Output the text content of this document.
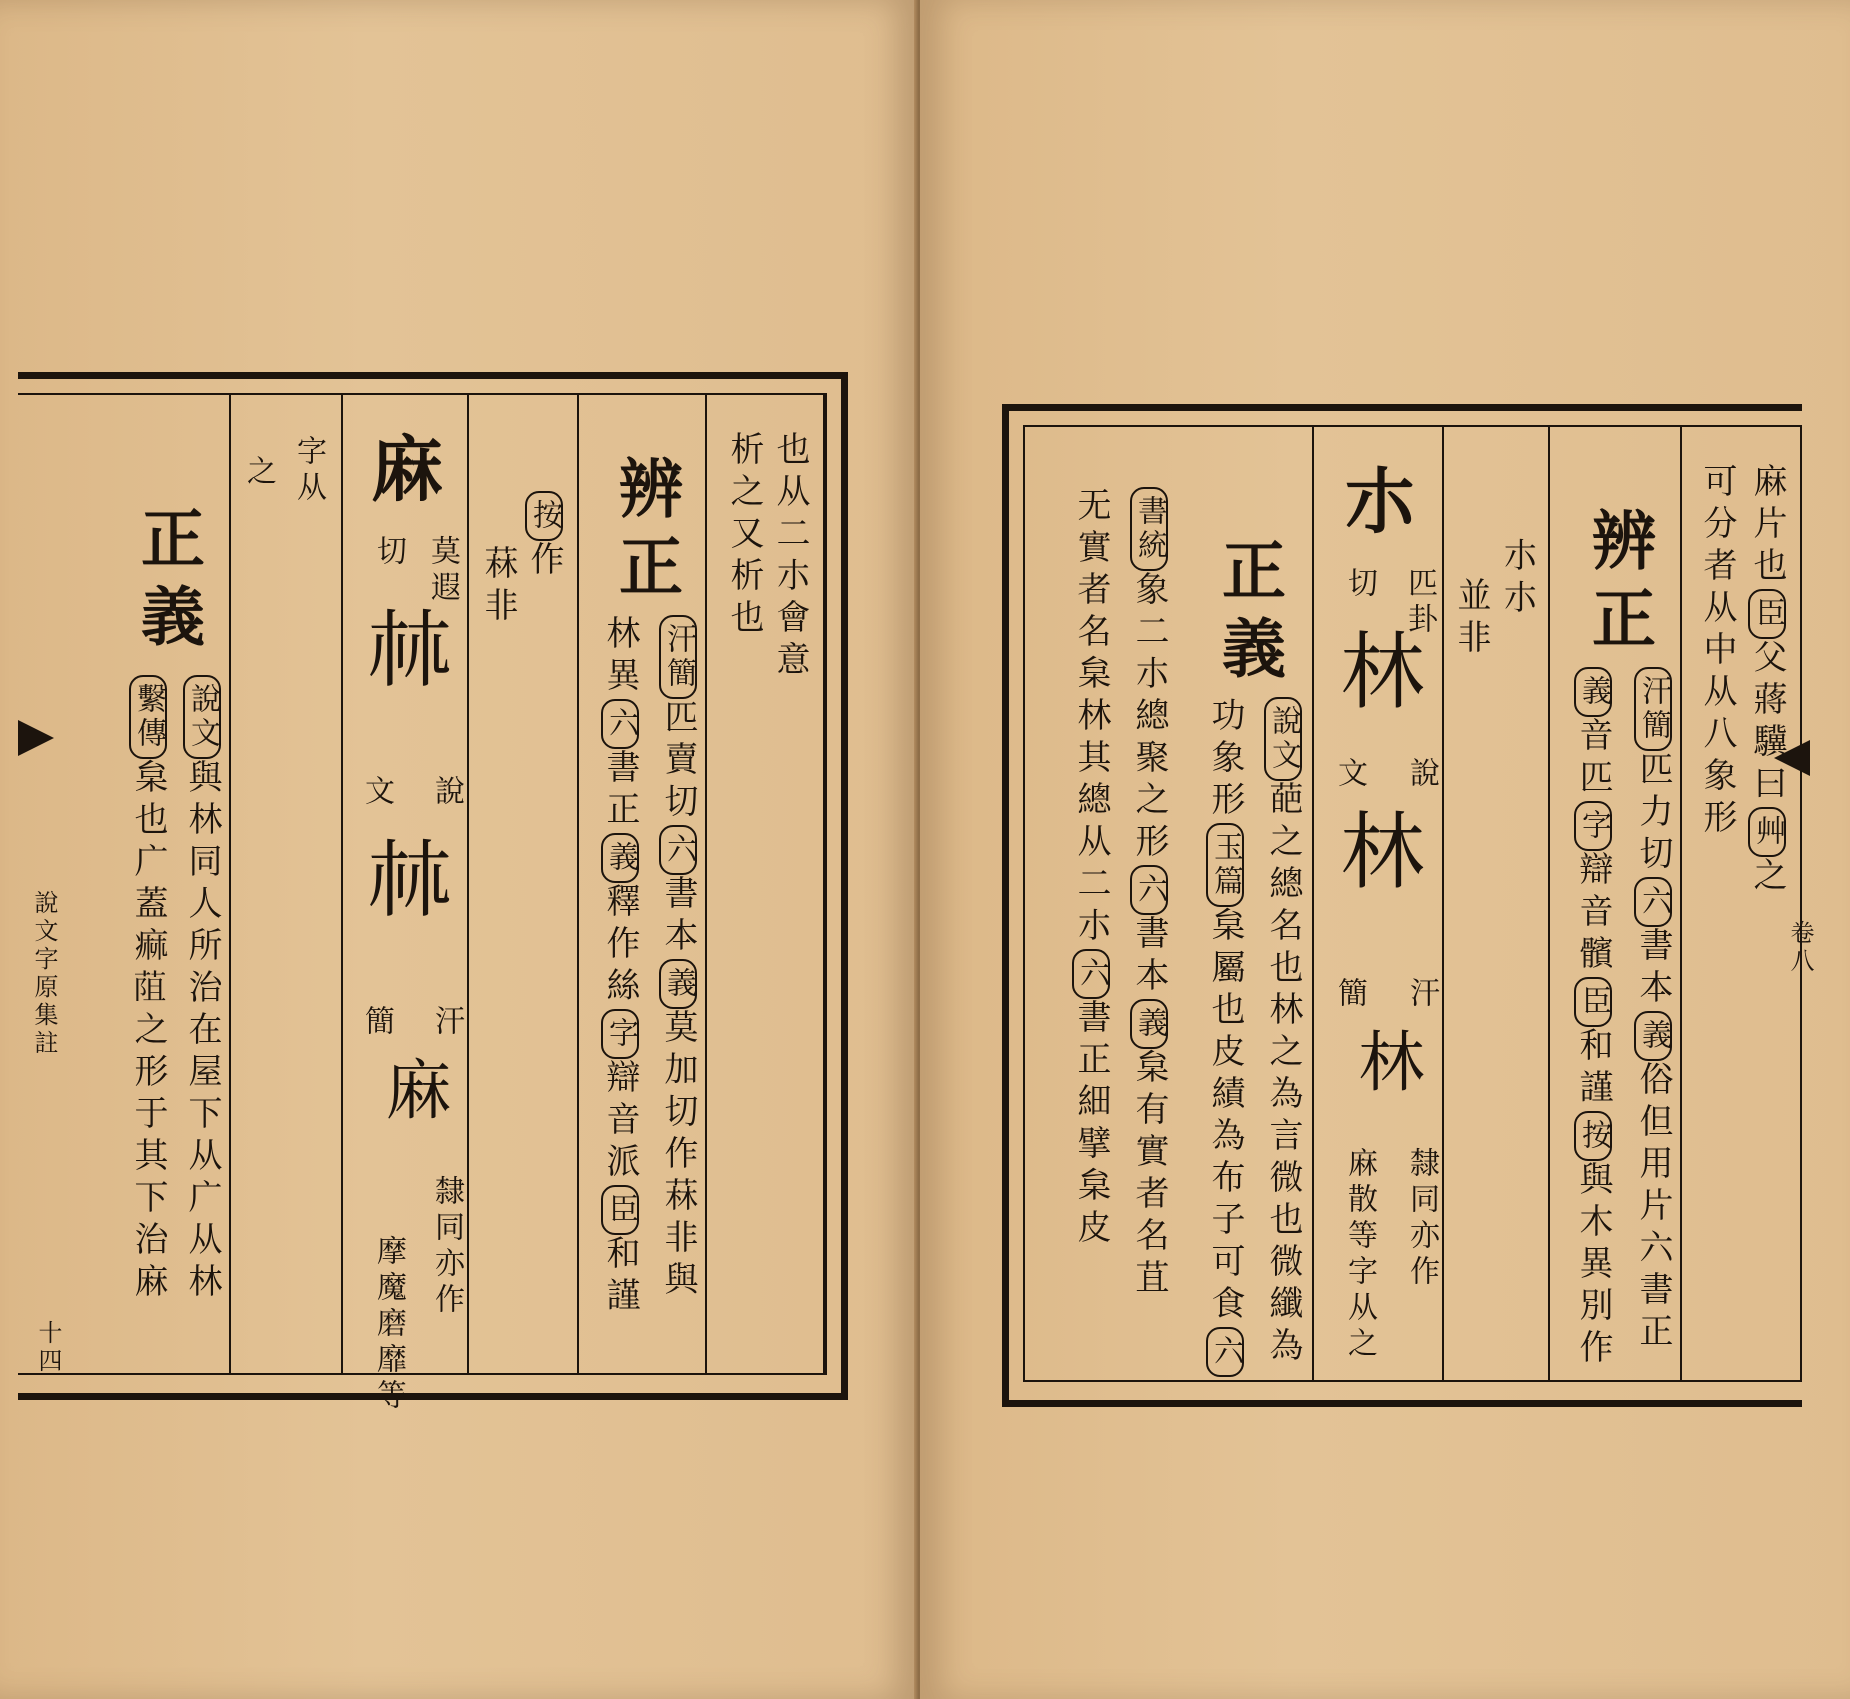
也从二朩會意
析之又析也
辨正
汗簡匹賣切六書本義莫加切作菻非與
林異六書正義釋作絲字辯音派臣和謹
按作
菻非
麻
莫遐
切
𣏟
說
文
𣏟
汗
簡
麻
隸同亦作
摩魔磨靡等
字从
之
正義
說文與林同人所治在屋下从广从林
繫傳枲也广蓋痲𦯓之形于其下治麻
說文字原集註
十四
麻片也臣父蔣驥曰艸之
可分者从中从八象形
辨正
汗簡匹力切六書本義俗但用片六書正
義音匹字辯音髕臣和謹按與木異別作
朩朩
並非
朩
匹卦
切
林
說
文
林
汗
簡
林
隸同亦作
麻散等字从之
正義
說文葩之總名也林之為言微也微纖為
功象形玉篇枲屬也皮績為布子可食六
書統象二朩總聚之形六書本義枲有實者名苴
无實者名枲林其總从二朩六書正細擘枲皮
卷八
